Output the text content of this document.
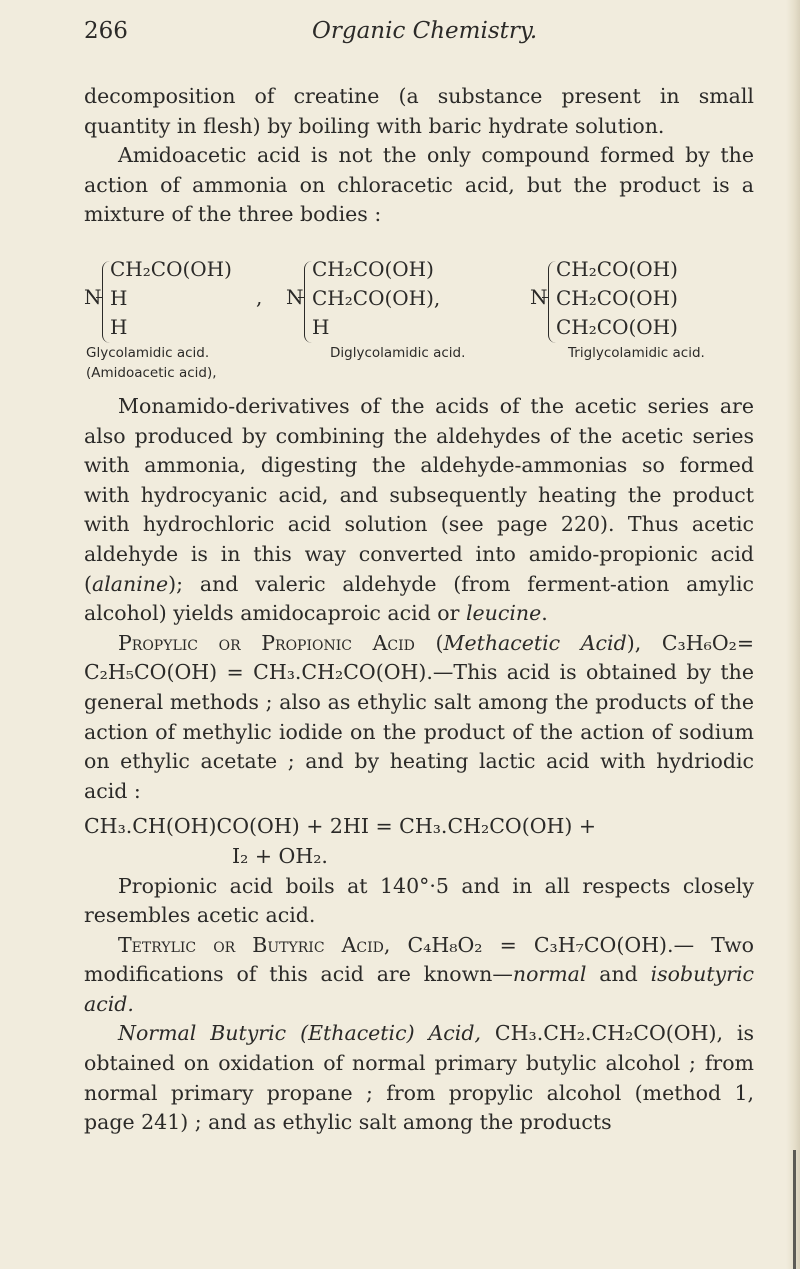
266	Organic Chemistry.

decomposition of creatine (a substance present in small quantity in flesh) by boiling with baric hydrate solution.

Amidoacetic acid is not the only compound formed by the action of ammonia on chloracetic acid, but the product is a mixture of the three bodies :

N
CH₂CO(OH)
H
H
, N
CH₂CO(OH)
CH₂CO(OH),
H
N
CH₂CO(OH)
CH₂CO(OH)
CH₂CO(OH)
Glycolamidic acid.
(Amidoacetic acid),
Diglycolamidic acid.	Triglycolamidic acid.

Monamido-derivatives of the acids of the acetic series are also produced by combining the aldehydes of the acetic series with ammonia, digesting the aldehyde-ammonias so formed with hydrocyanic acid, and subsequently heating the product with hydrochloric acid solution (see page 220). Thus acetic aldehyde is in this way converted into amido-propionic acid (alanine); and valeric aldehyde (from ferment-ation amylic alcohol) yields amidocaproic acid or leucine.

Propylic or Propionic Acid (Methacetic Acid), C₃H₆O₂= C₂H₅CO(OH) = CH₃.CH₂CO(OH).—This acid is obtained by the general methods ; also as ethylic salt among the products of the action of methylic iodide on the product of the action of sodium on ethylic acetate ; and by heating lactic acid with hydriodic acid :

CH₃.CH(OH)CO(OH) + 2HI = CH₃.CH₂CO(OH) +

I₂ + OH₂.

Propionic acid boils at 140°·5 and in all respects closely resembles acetic acid.

Tetrylic or Butyric Acid, C₄H₈O₂ = C₃H₇CO(OH).— Two modifications of this acid are known—normal and isobutyric acid.

Normal Butyric (Ethacetic) Acid, CH₃.CH₂.CH₂CO(OH), is obtained on oxidation of normal primary butylic alcohol ; from normal primary propane ; from propylic alcohol (method 1, page 241) ; and as ethylic salt among the products
